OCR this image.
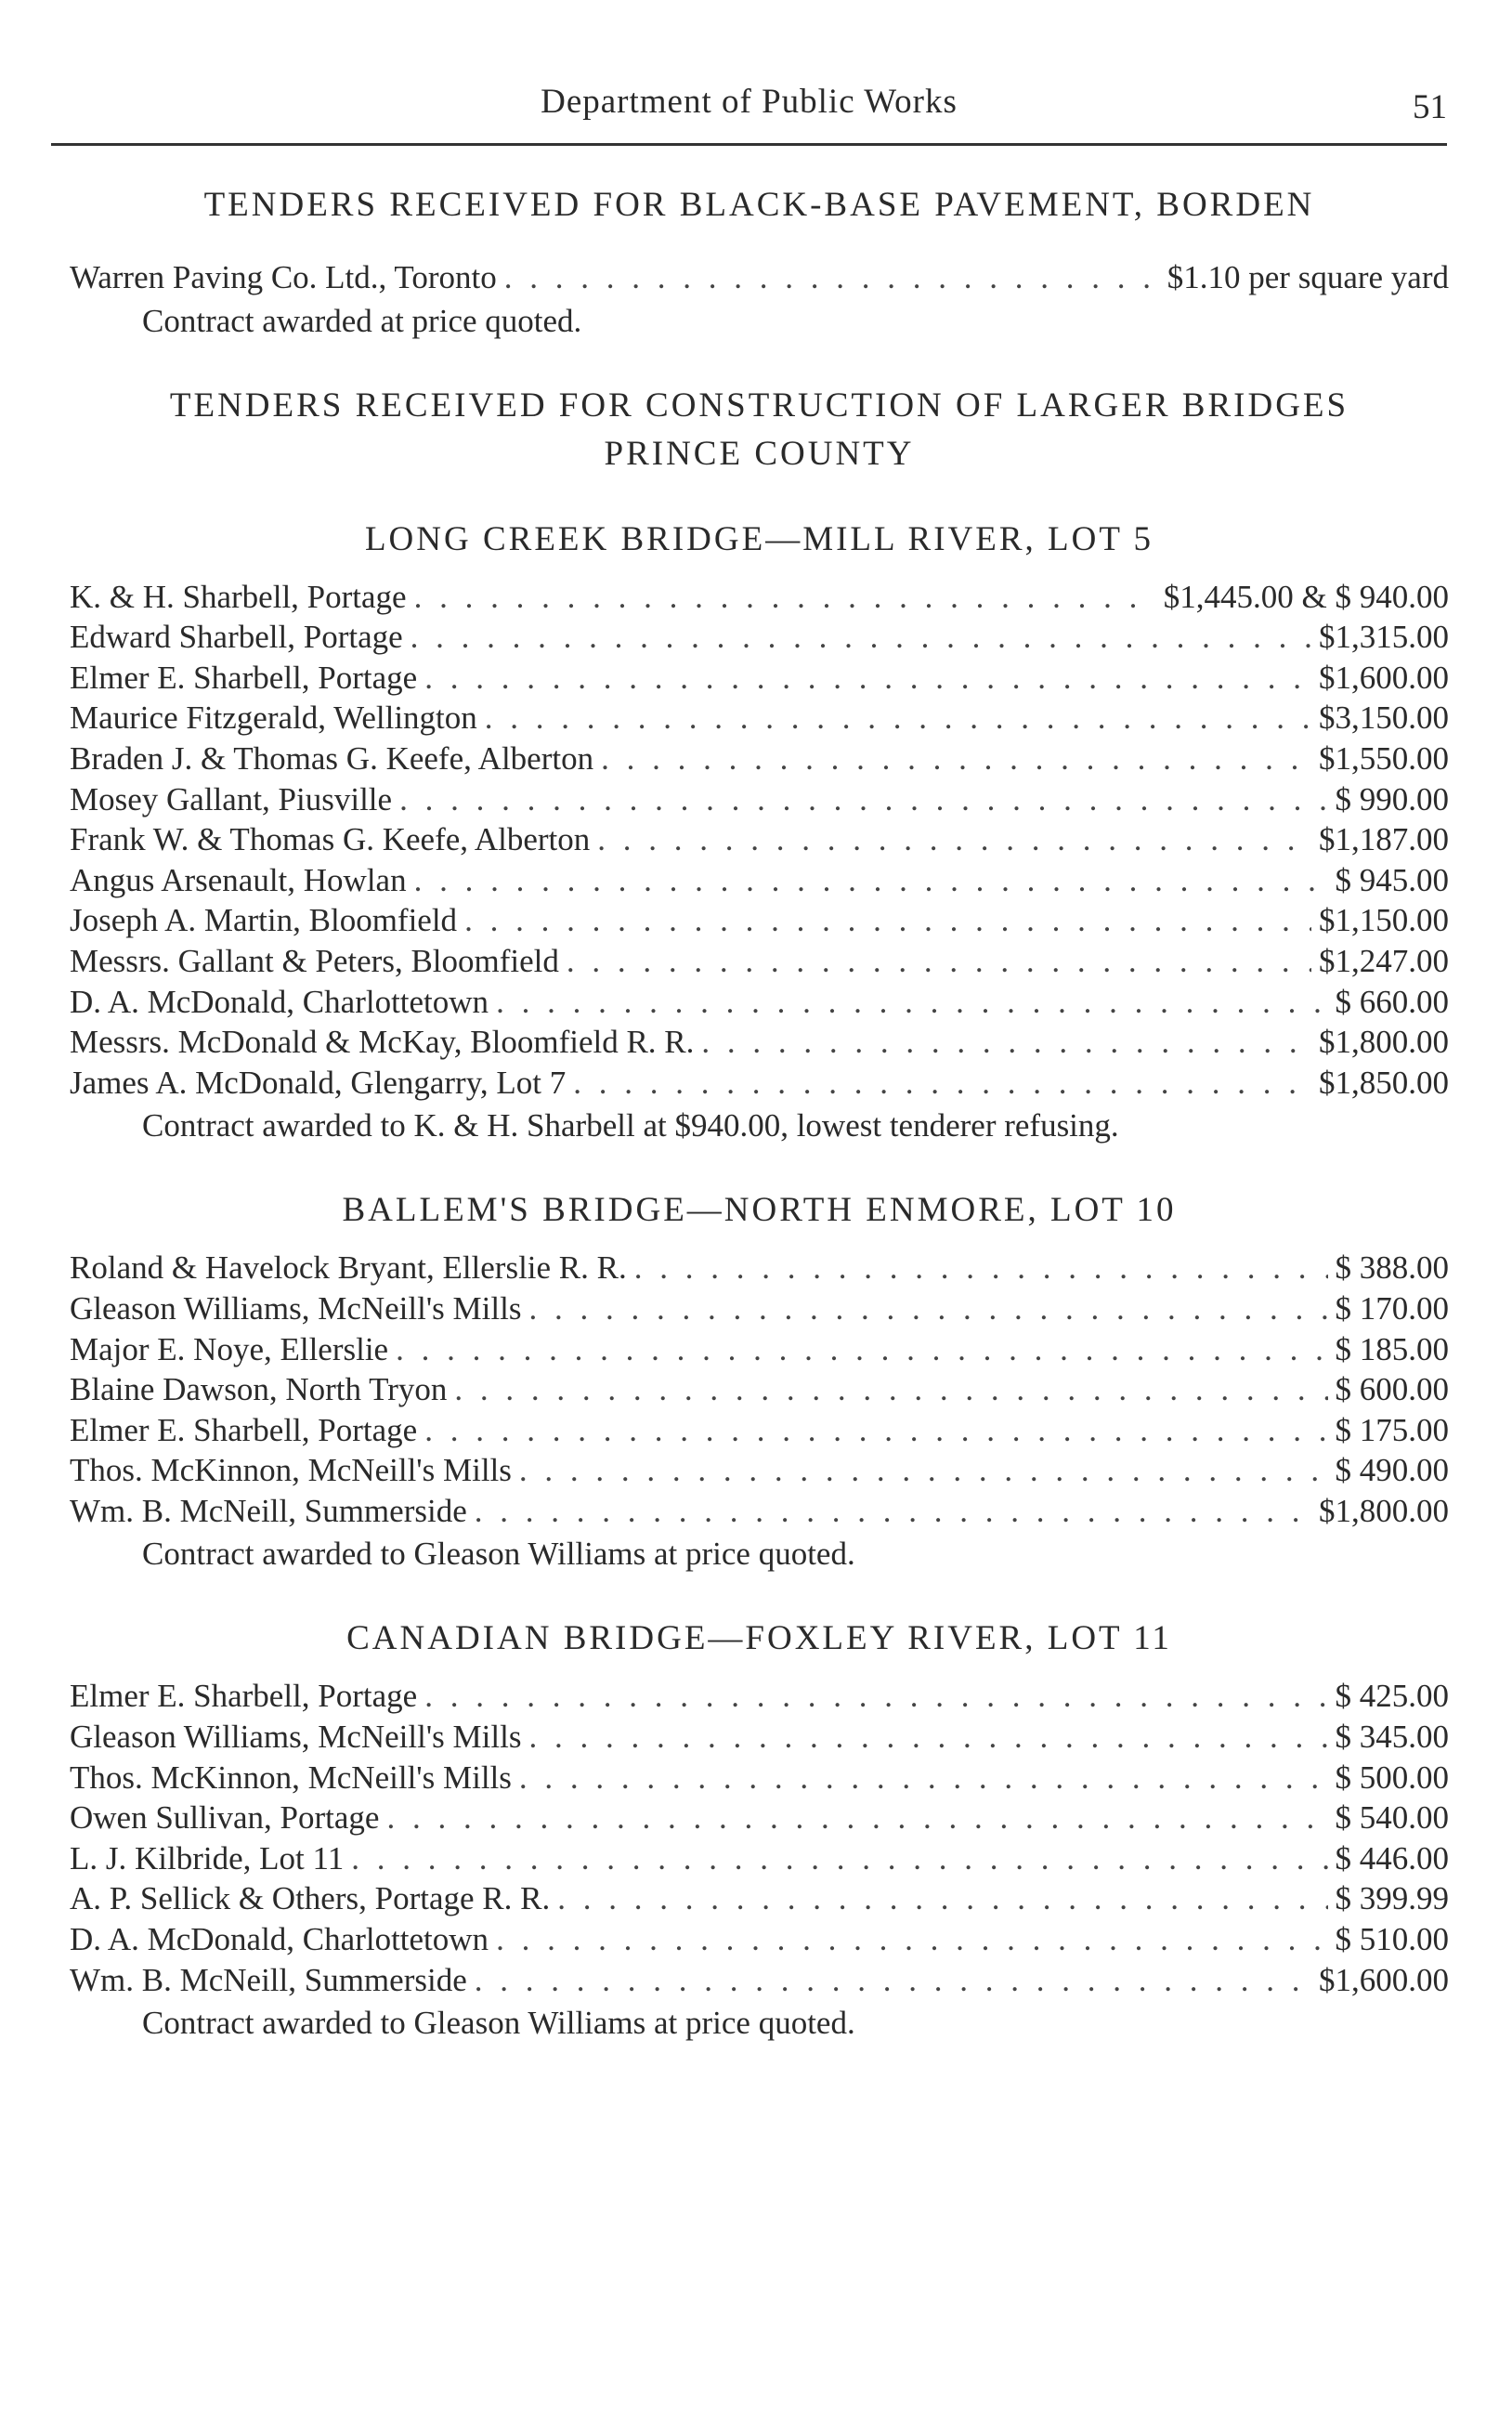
Department of Public Works	51
TENDERS RECEIVED FOR BLACK-BASE PAVEMENT, BORDEN
Warren Paving Co. Ltd., Toronto . . .	$1.10 per square yard
Contract awarded at price quoted.
TENDERS RECEIVED FOR CONSTRUCTION OF LARGER BRIDGES
PRINCE COUNTY
LONG CREEK BRIDGE—MILL RIVER, LOT 5
K. & H. Sharbell, Portage . . .	$1,445.00 & $ 940.00
Edward Sharbell, Portage . . .	$1,315.00
Elmer E. Sharbell, Portage . . .	$1,600.00
Maurice Fitzgerald, Wellington . . .	$3,150.00
Braden J. & Thomas G. Keefe, Alberton . . .	$1,550.00
Mosey Gallant, Piusville . . .	$ 990.00
Frank W. & Thomas G. Keefe, Alberton . . .	$1,187.00
Angus Arsenault, Howlan . . .	$ 945.00
Joseph A. Martin, Bloomfield . . .	$1,150.00
Messrs. Gallant & Peters, Bloomfield . . .	$1,247.00
D. A. McDonald, Charlottetown . . .	$ 660.00
Messrs. McDonald & McKay, Bloomfield R. R. . . .	$1,800.00
James A. McDonald, Glengarry, Lot 7 . . .	$1,850.00
Contract awarded to K. & H. Sharbell at $940.00, lowest tenderer refusing.
BALLEM'S BRIDGE—NORTH ENMORE, LOT 10
Roland & Havelock Bryant, Ellerslie R. R. . . .	$ 388.00
Gleason Williams, McNeill's Mills . . .	$ 170.00
Major E. Noye, Ellerslie . . .	$ 185.00
Blaine Dawson, North Tryon . . .	$ 600.00
Elmer E. Sharbell, Portage . . .	$ 175.00
Thos. McKinnon, McNeill's Mills . . .	$ 490.00
Wm. B. McNeill, Summerside . . .	$1,800.00
Contract awarded to Gleason Williams at price quoted.
CANADIAN BRIDGE—FOXLEY RIVER, LOT 11
Elmer E. Sharbell, Portage . . .	$ 425.00
Gleason Williams, McNeill's Mills . . .	$ 345.00
Thos. McKinnon, McNeill's Mills . . .	$ 500.00
Owen Sullivan, Portage . . .	$ 540.00
L. J. Kilbride, Lot 11 . . .	$ 446.00
A. P. Sellick & Others, Portage R. R. . . .	$ 399.99
D. A. McDonald, Charlottetown . . .	$ 510.00
Wm. B. McNeill, Summerside . . .	$1,600.00
Contract awarded to Gleason Williams at price quoted.
